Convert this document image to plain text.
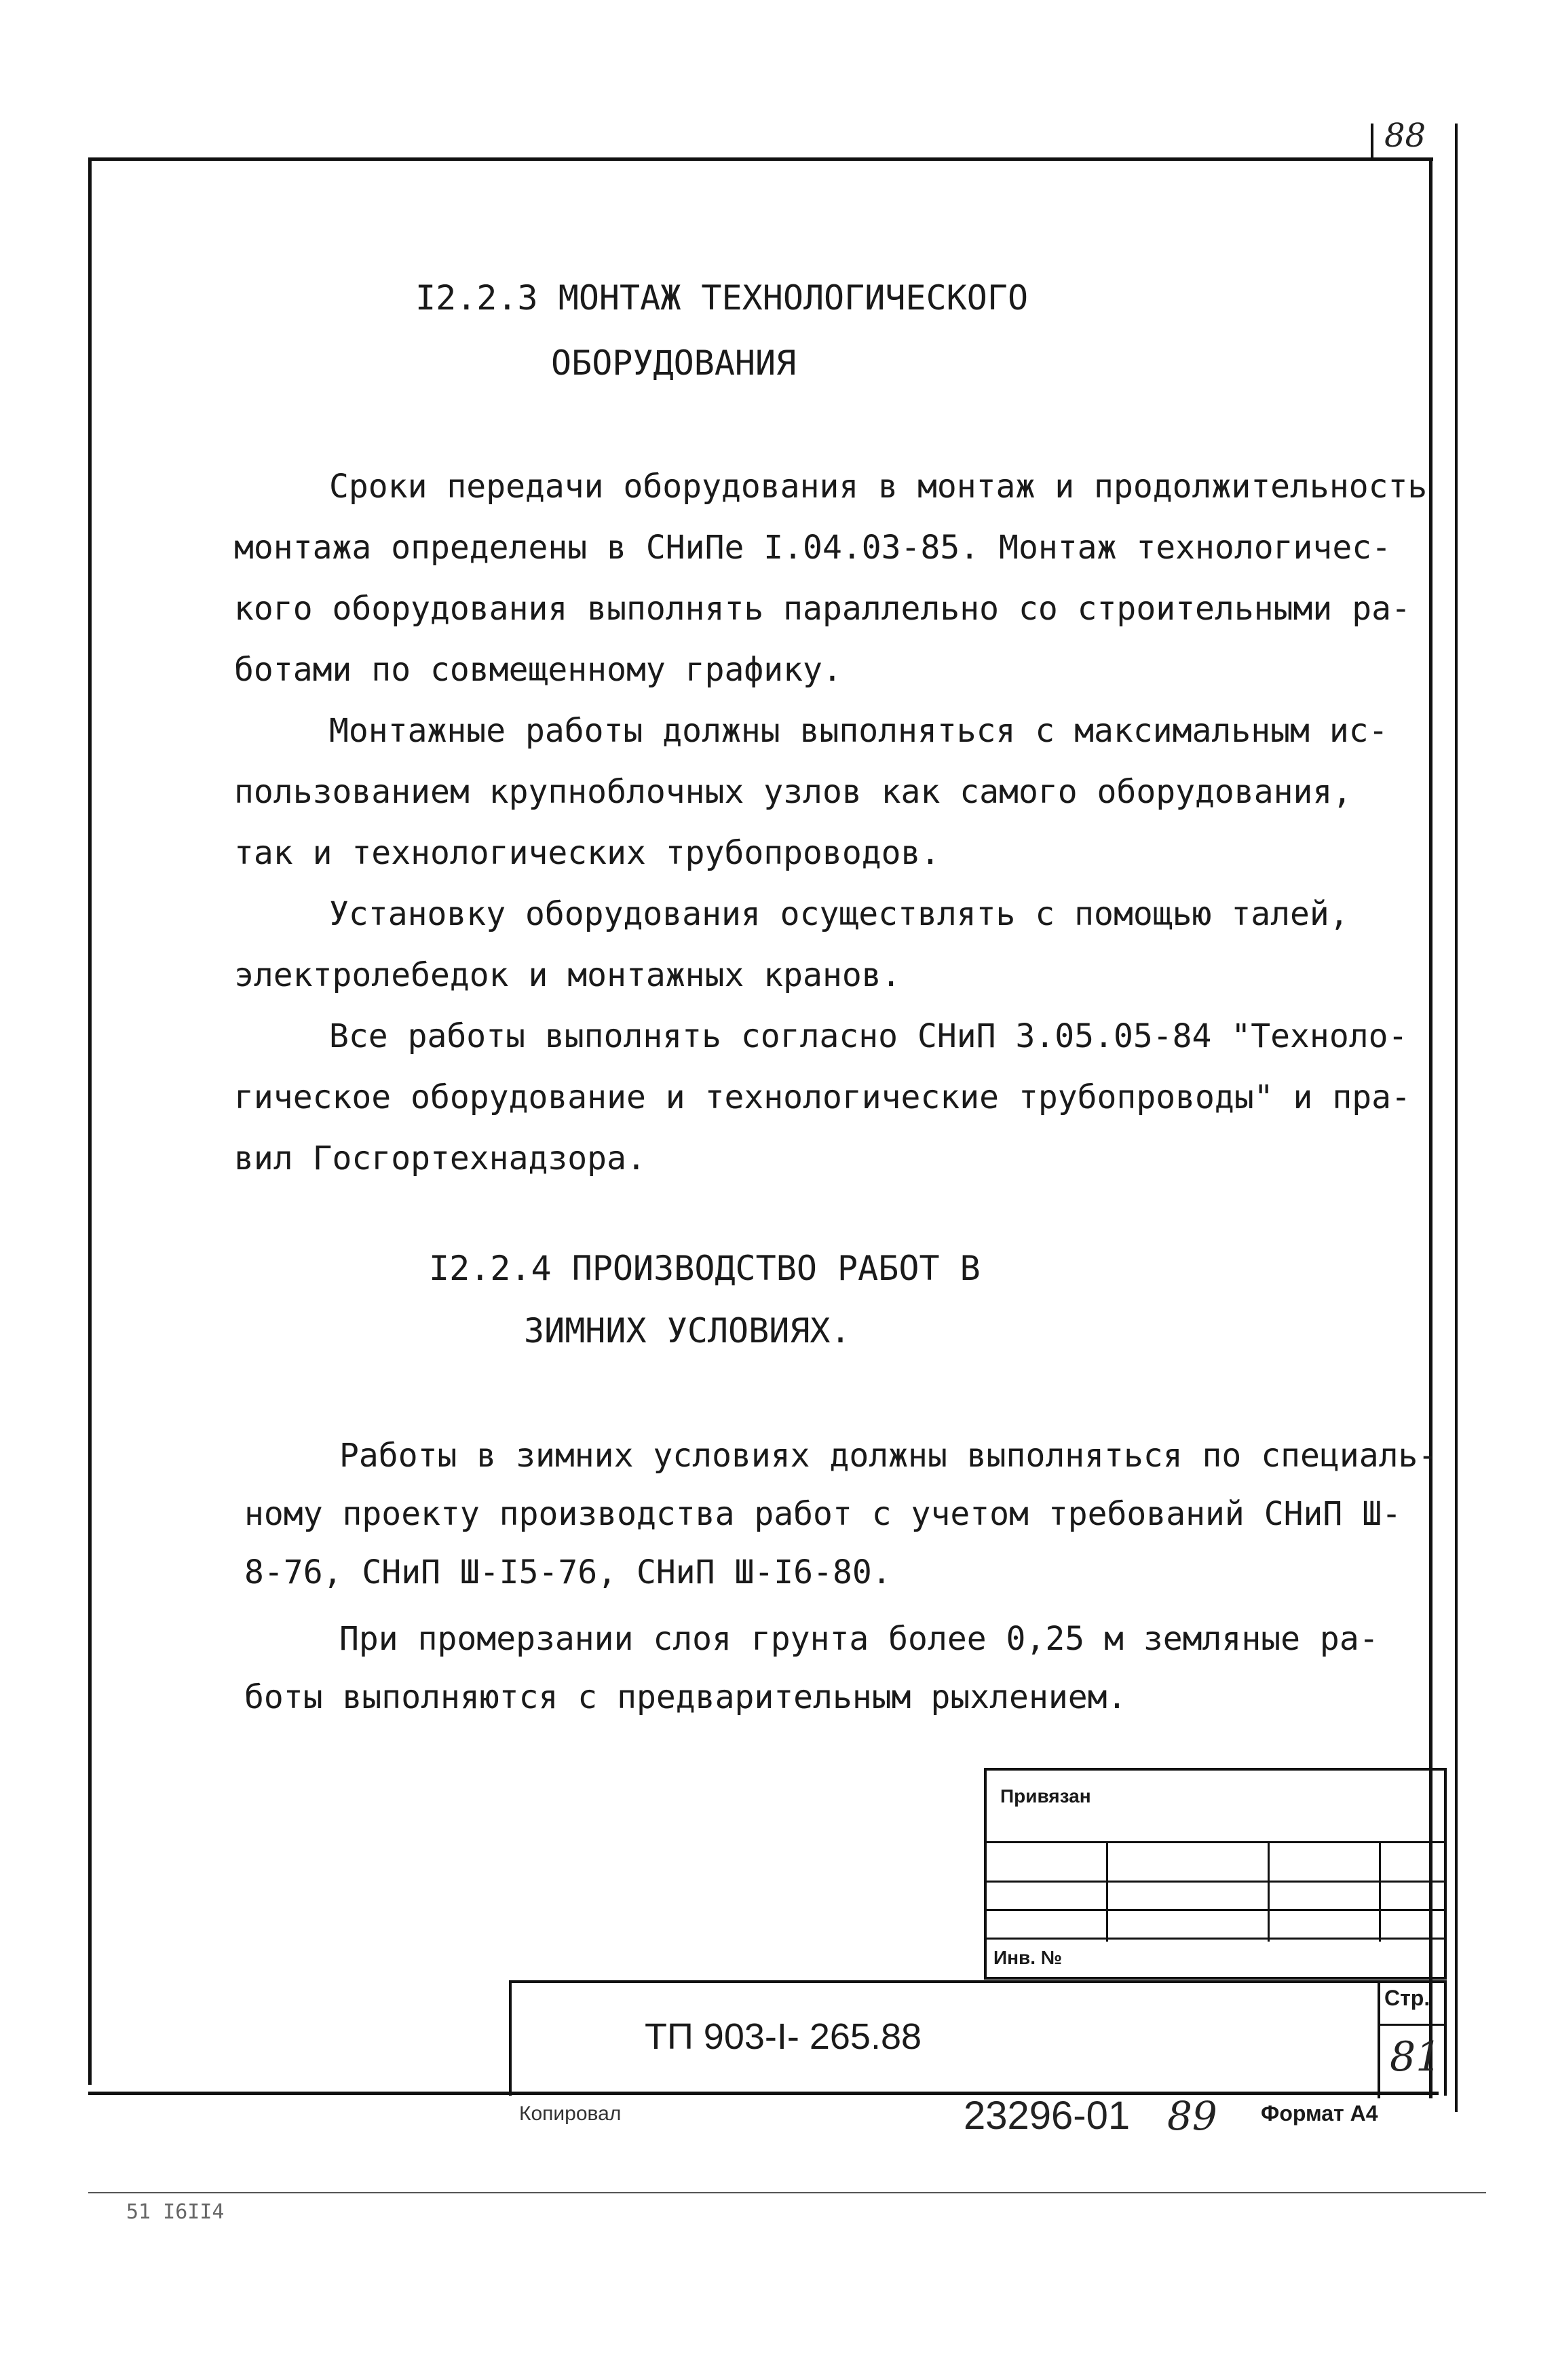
88
I2.2.3 МОНТАЖ ТЕХНОЛОГИЧЕСКОГО
ОБОРУДОВАНИЯ
Сроки передачи оборудования в монтаж и продолжительность
монтажа определены в СНиПе I.04.03-85. Монтаж технологичес-
кого оборудования выполнять параллельно со строительными ра-
ботами по совмещенному графику.
Монтажные работы должны выполняться с максимальным ис-
пользованием крупноблочных узлов как самого оборудования,
так и технологических трубопроводов.
Установку оборудования осуществлять с помощью талей,
электролебедок и монтажных кранов.
Все работы выполнять согласно СНиП 3.05.05-84 "Техноло-
гическое оборудование и технологические трубопроводы" и пра-
вил Госгортехнадзора.
I2.2.4 ПРОИЗВОДСТВО РАБОТ В
ЗИМНИХ УСЛОВИЯХ.
Работы в зимних условиях должны выполняться по специаль-
ному проекту производства работ с учетом требований СНиП Ш-
8-76, СНиП Ш-I5-76, СНиП Ш-I6-80.
При промерзании слоя грунта более 0,25 м земляные ра-
боты выполняются с предварительным рыхлением.
Привязан
Инв. №
ТП 903-I- 265.88
Стр.
81
Копировал	23296-01 89 Формат А4
51 I6II4
